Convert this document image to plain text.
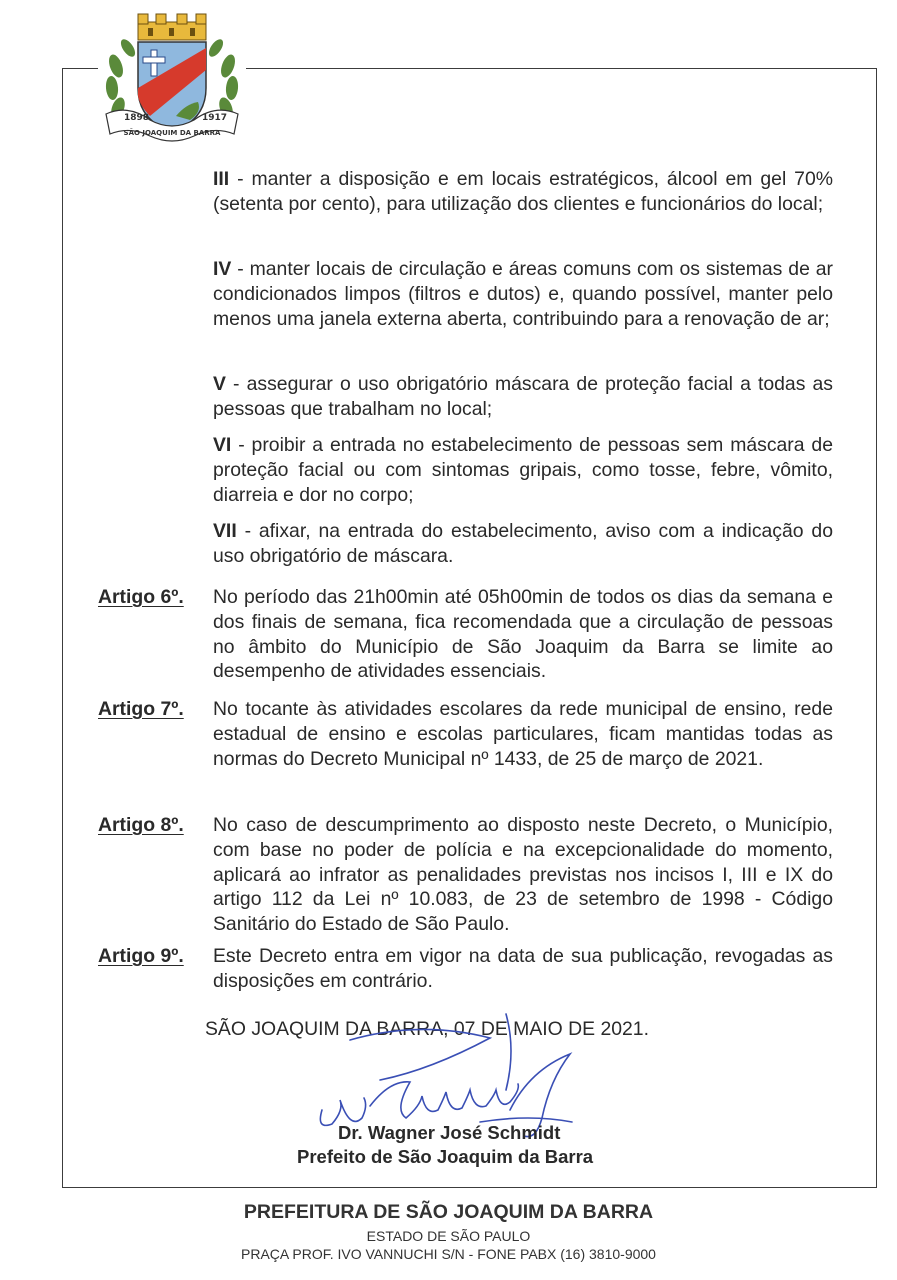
1898	1917
SÃO JOAQUIM DA BARRA

III - manter a disposição e em locais estratégicos, álcool em gel 70% (setenta por cento), para utilização dos clientes e funcionários do local;

IV - manter locais de circulação e áreas comuns com os sistemas de ar condicionados limpos (filtros e dutos) e, quando possível, manter pelo menos uma janela externa aberta, contribuindo para a renovação de ar;

V - assegurar o uso obrigatório máscara de proteção facial a todas as pessoas que trabalham no local;

VI - proibir a entrada no estabelecimento de pessoas sem máscara de proteção facial ou com sintomas gripais, como tosse, febre, vômito, diarreia e dor no corpo;

VII - afixar, na entrada do estabelecimento, aviso com a indicação do uso obrigatório de máscara.

Artigo 6º. No período das 21h00min até 05h00min de todos os dias da semana e dos finais de semana, fica recomendada que a circulação de pessoas no âmbito do Município de São Joaquim da Barra se limite ao desempenho de atividades essenciais.

Artigo 7º. No tocante às atividades escolares da rede municipal de ensino, rede estadual de ensino e escolas particulares, ficam mantidas todas as normas do Decreto Municipal nº 1433, de 25 de março de 2021.

Artigo 8º. No caso de descumprimento ao disposto neste Decreto, o Município, com base no poder de polícia e na excepcionalidade do momento, aplicará ao infrator as penalidades previstas nos incisos I, III e IX do artigo 112 da Lei nº 10.083, de 23 de setembro de 1998 - Código Sanitário do Estado de São Paulo.

Artigo 9º. Este Decreto entra em vigor na data de sua publicação, revogadas as disposições em contrário.

SÃO JOAQUIM DA BARRA, 07 DE MAIO DE 2021.
Dr. Wagner José Schmidt
Prefeito de São Joaquim da Barra
PREFEITURA DE SÃO JOAQUIM DA BARRA
ESTADO DE SÃO PAULO
PRAÇA PROF. IVO VANNUCHI S/N - FONE PABX (16) 3810-9000
